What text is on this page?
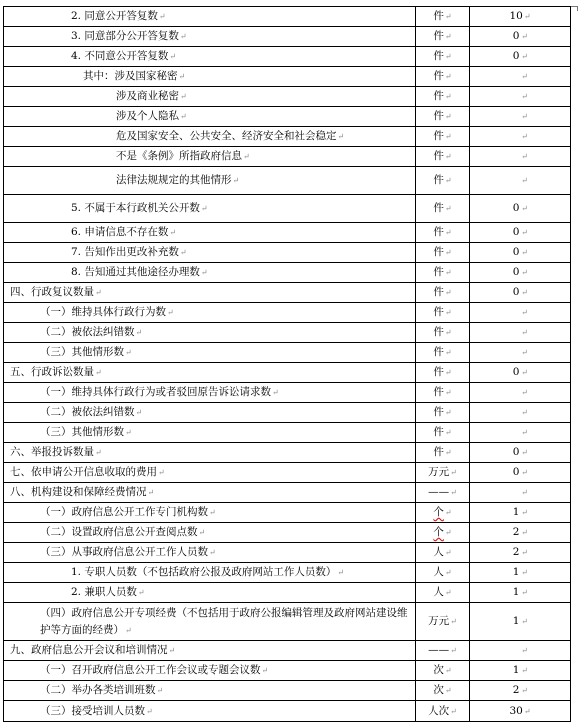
2. 同意公开答复数↵	件↵	10↵
3. 同意部分公开答复数↵	件↵	0 ↵
4. 不同意公开答复数↵	件↵	0 ↵
其中：涉及国家秘密↵	件↵	↵
涉及商业秘密↵	件↵	↵
涉及个人隐私↵	件↵	↵
危及国家安全、公共安全、经济安全和社会稳定↵	件↵	↵
不是《条例》所指政府信息↵	件↵	↵
法律法规规定的其他情形↵	件↵	↵
5. 不属于本行政机关公开数↵	件↵	0 ↵
6. 申请信息不存在数↵	件↵	0 ↵
7. 告知作出更改补充数↵	件↵	0 ↵
8. 告知通过其他途径办理数↵	件↵	0 ↵
四、行政复议数量↵	件↵	0 ↵
（一）维持具体行政行为数↵	件↵	↵
（二）被依法纠错数↵	件↵	↵
（三）其他情形数↵	件↵	↵
五、行政诉讼数量↵	件↵	0 ↵
（一）维持具体行政行为或者驳回原告诉讼请求数↵	件↵	↵
（二）被依法纠错数↵	件↵	↵
（三）其他情形数↵	件↵	↵
六、举报投诉数量↵	件↵	0 ↵
七、依申请公开信息收取的费用↵	万元↵	0 ↵
八、机构建设和保障经费情况↵	——↵	↵
（一）政府信息公开工作专门机构数↵	个↵	1 ↵
（二）设置政府信息公开查阅点数↵	个↵	2 ↵
（三）从事政府信息公开工作人员数↵	人↵	2 ↵
1. 专职人员数（不包括政府公报及政府网站工作人员数）↵	人↵	1 ↵
2. 兼职人员数↵	人↵	1 ↵
（四）政府信息公开专项经费（不包括用于政府公报编辑管理及政府网站建设维护等方面的经费）↵	万元↵	1 ↵
九、政府信息公开会议和培训情况↵	——↵	↵
（一）召开政府信息公开工作会议或专题会议数↵	次↵	1 ↵
（二）举办各类培训班数↵	次↵	2 ↵
（三）接受培训人员数↵	人次↵	30↵
